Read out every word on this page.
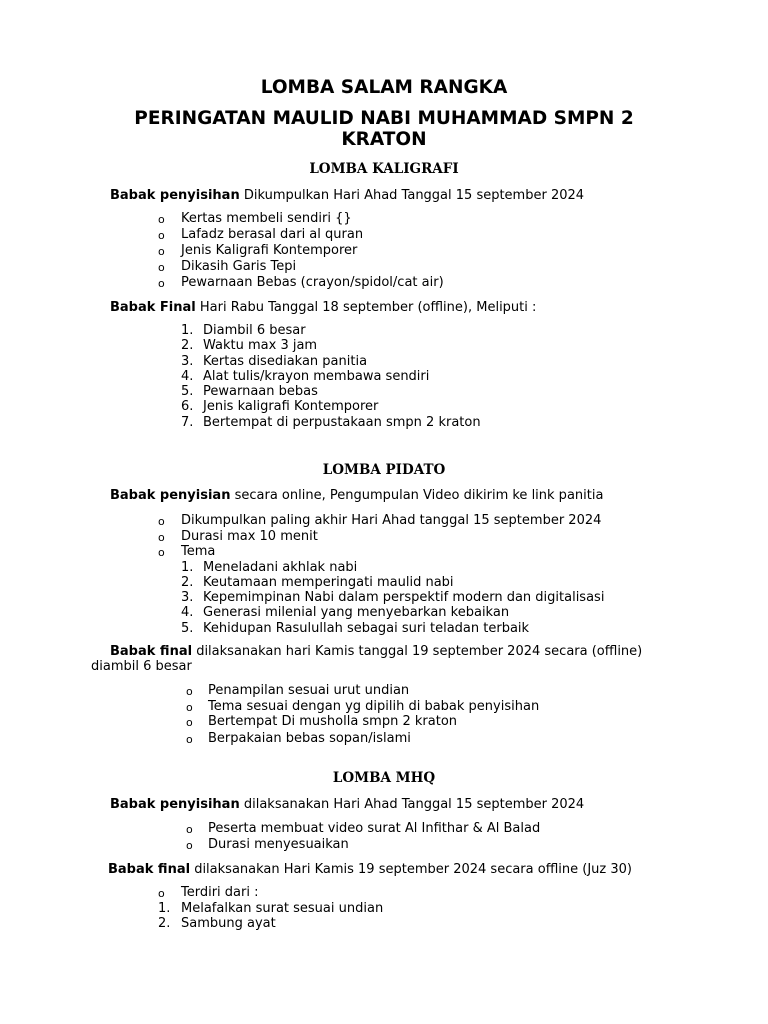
LOMBA SALAM RANGKA
PERINGATAN MAULID NABI MUHAMMAD SMPN 2 KRATON
LOMBA KALIGRAFI
Babak penyisihan Dikumpulkan Hari Ahad Tanggal 15 september 2024
o Kertas membeli sendiri {}
o Lafadz berasal dari al quran
o Jenis Kaligrafi Kontemporer
o Dikasih Garis Tepi
o Pewarnaan Bebas (crayon/spidol/cat air)
Babak Final Hari Rabu Tanggal 18 september (offline), Meliputi :
1. Diambil 6 besar
2. Waktu max 3 jam
3. Kertas disediakan panitia
4. Alat tulis/krayon membawa sendiri
5. Pewarnaan bebas
6. Jenis kaligrafi Kontemporer
7. Bertempat di perpustakaan smpn 2 kraton
LOMBA PIDATO
Babak penyisian secara online, Pengumpulan Video dikirim ke link panitia
o Dikumpulkan paling akhir Hari Ahad tanggal 15 september 2024
o Durasi max 10 menit
o Tema
1. Meneladani akhlak nabi
2. Keutamaan memperingati maulid nabi
3. Kepemimpinan Nabi dalam perspektif modern dan digitalisasi
4. Generasi milenial yang menyebarkan kebaikan
5. Kehidupan Rasulullah sebagai suri teladan terbaik
Babak final dilaksanakan hari Kamis tanggal 19 september 2024 secara (offline)
diambil 6 besar
o Penampilan sesuai urut undian
o Tema sesuai dengan yg dipilih di babak penyisihan
o Bertempat Di musholla smpn 2 kraton
o Berpakaian bebas sopan/islami
LOMBA MHQ
Babak penyisihan dilaksanakan Hari Ahad Tanggal 15 september 2024
o Peserta membuat video surat Al Infithar & Al Balad
o Durasi menyesuaikan
Babak final dilaksanakan Hari Kamis 19 september 2024 secara offline (Juz 30)
o Terdiri dari :
1. Melafalkan surat sesuai undian
2. Sambung ayat
